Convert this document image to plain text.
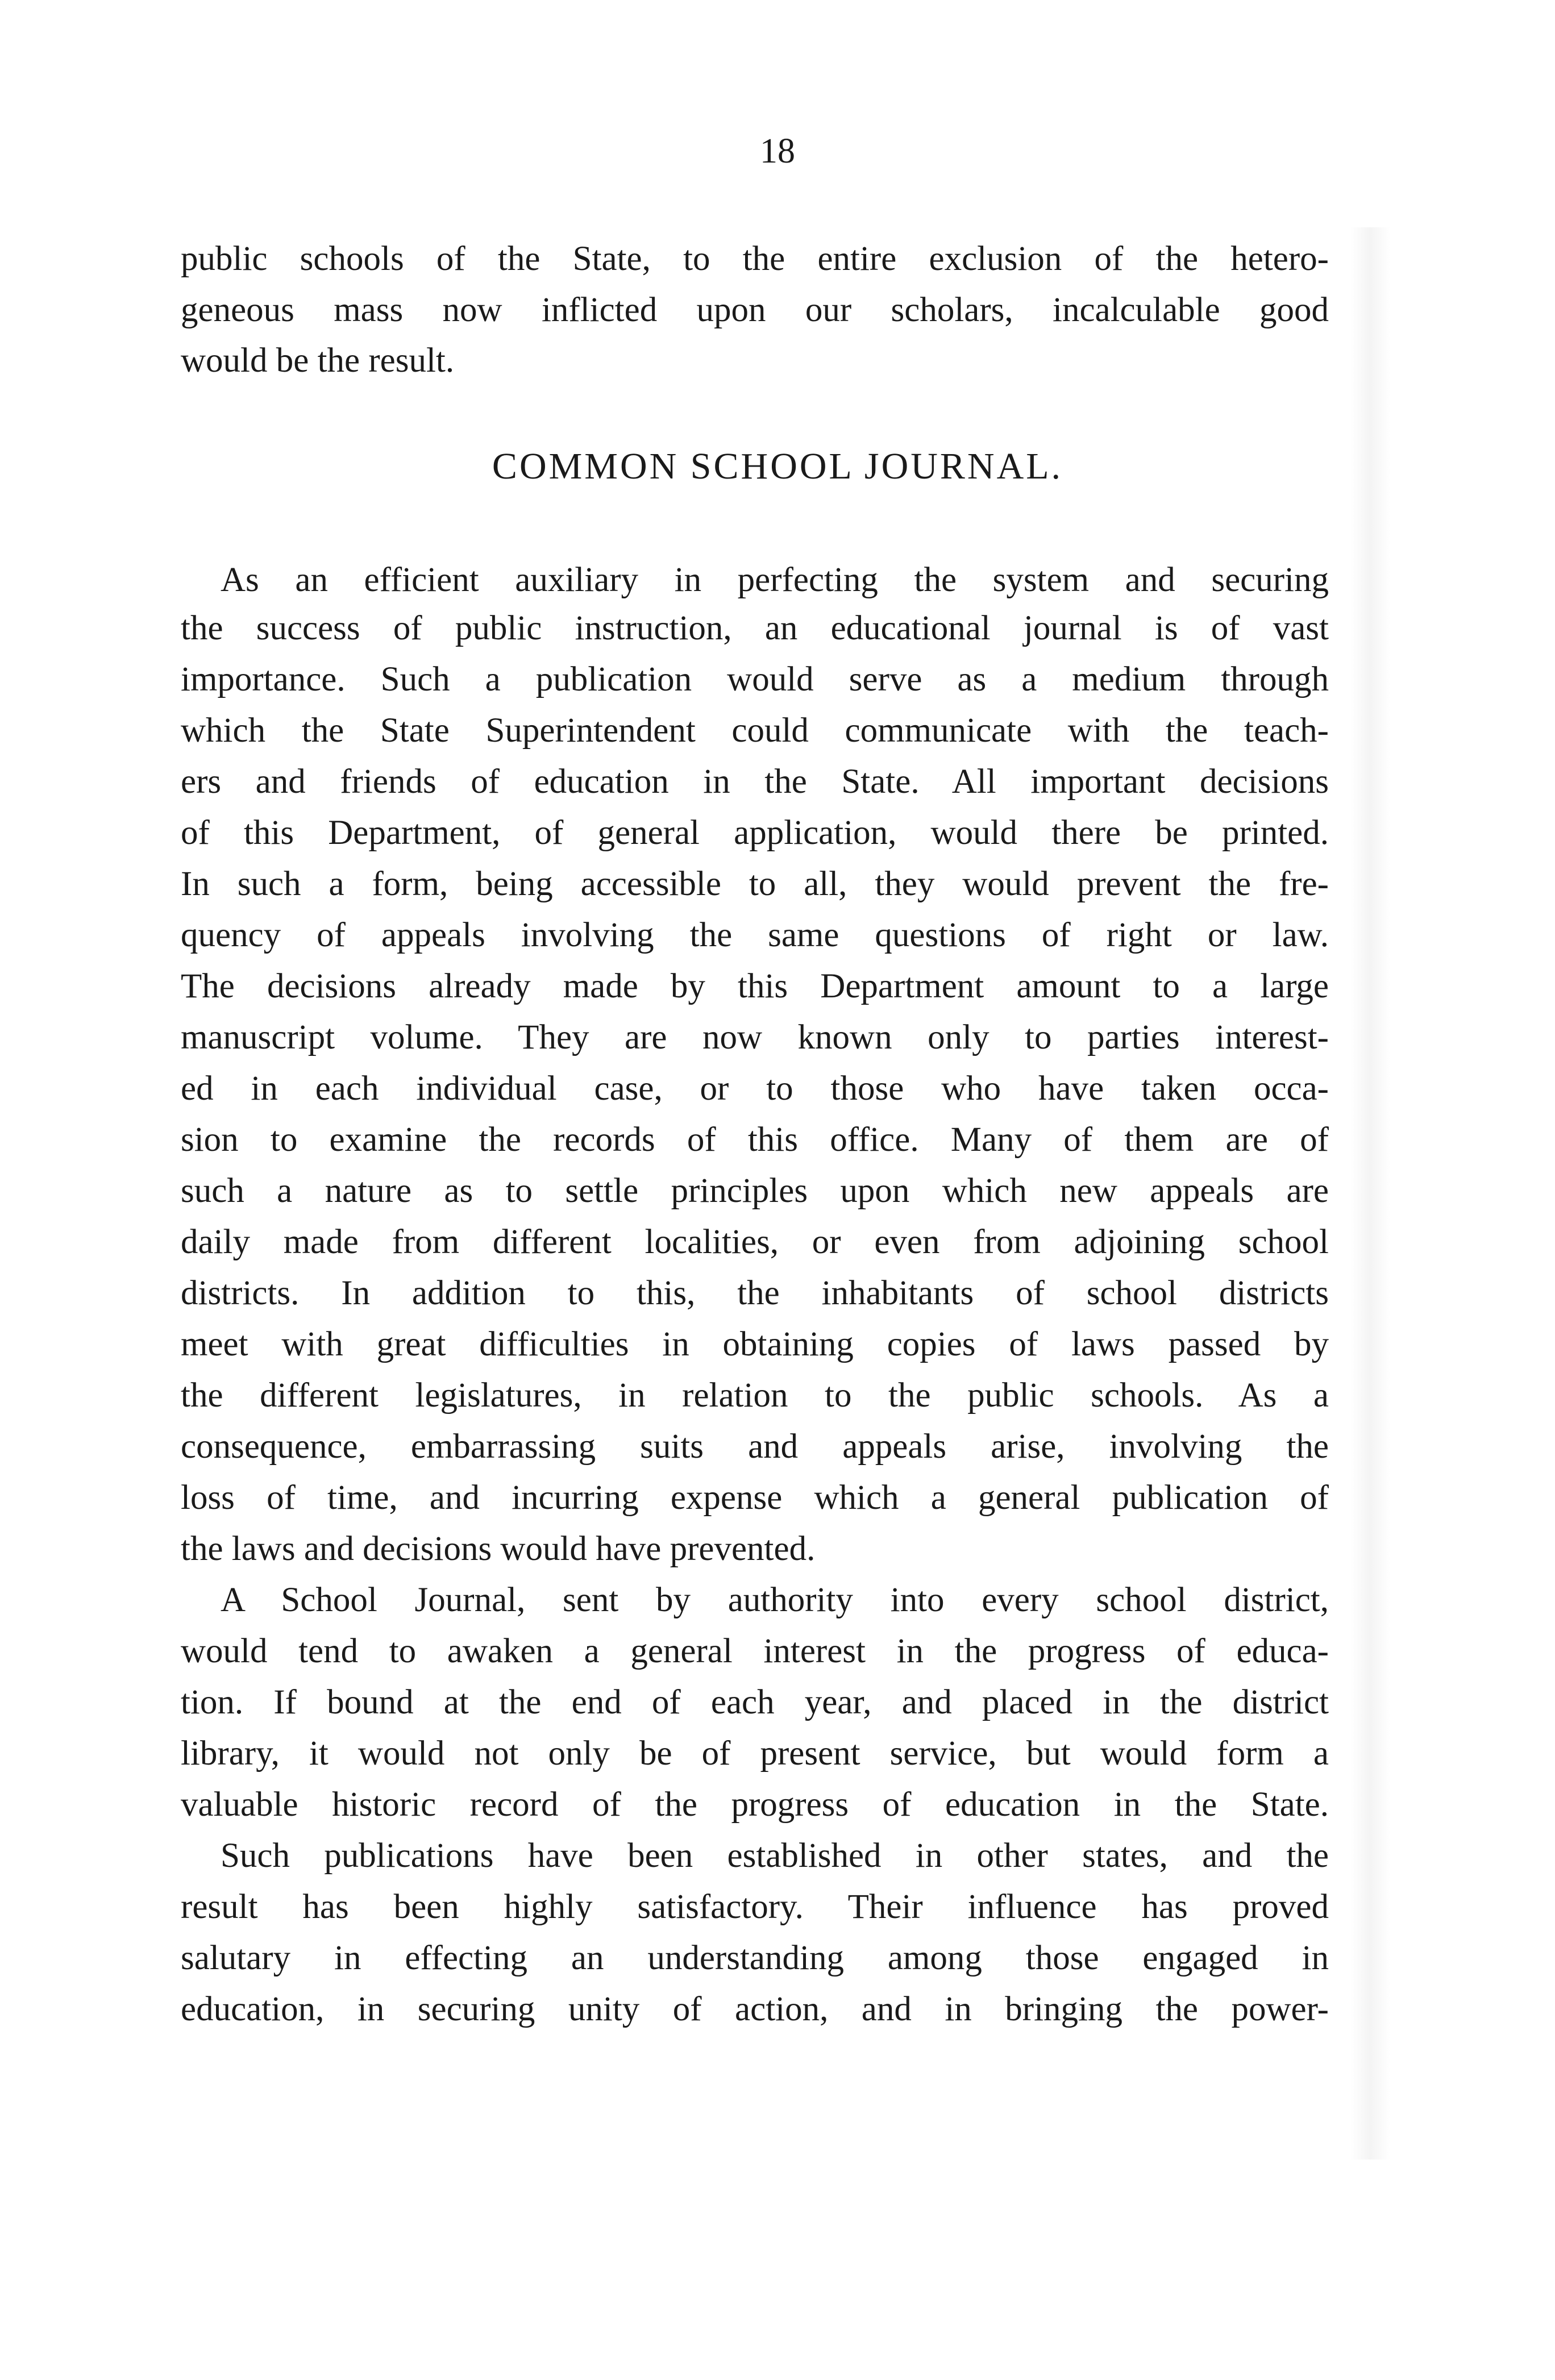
18
public schools of the State, to the entire exclusion of the hetero-
geneous mass now inflicted upon our scholars, incalculable good
would be the result.
COMMON SCHOOL JOURNAL.
As an efficient auxiliary in perfecting the system and securing
the success of public instruction, an educational journal is of vast
importance. Such a publication would serve as a medium through
which the State Superintendent could communicate with the teach-
ers and friends of education in the State. All important decisions
of this Department, of general application, would there be printed.
In such a form, being accessible to all, they would prevent the fre-
quency of appeals involving the same questions of right or law.
The decisions already made by this Department amount to a large
manuscript volume. They are now known only to parties interest-
ed in each individual case, or to those who have taken occa-
sion to examine the records of this office. Many of them are of
such a nature as to settle principles upon which new appeals are
daily made from different localities, or even from adjoining school
districts. In addition to this, the inhabitants of school districts
meet with great difficulties in obtaining copies of laws passed by
the different legislatures, in relation to the public schools. As a
consequence, embarrassing suits and appeals arise, involving the
loss of time, and incurring expense which a general publication of
the laws and decisions would have prevented.
A School Journal, sent by authority into every school district,
would tend to awaken a general interest in the progress of educa-
tion. If bound at the end of each year, and placed in the district
library, it would not only be of present service, but would form a
valuable historic record of the progress of education in the State.
Such publications have been established in other states, and the
result has been highly satisfactory. Their influence has proved
salutary in effecting an understanding among those engaged in
education, in securing unity of action, and in bringing the power-
